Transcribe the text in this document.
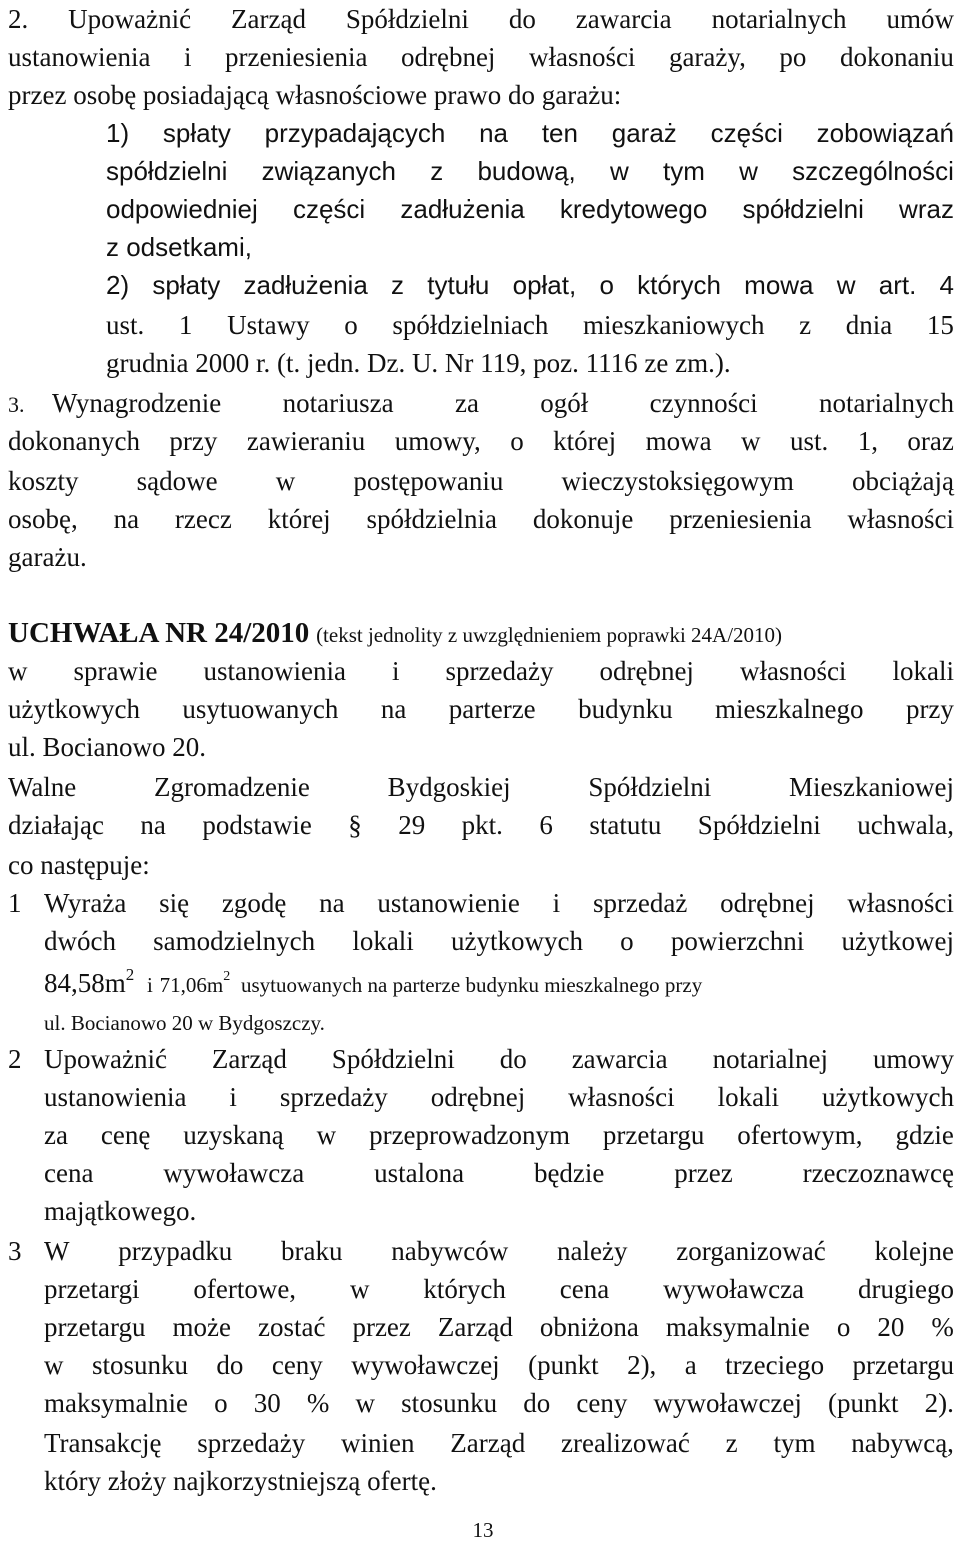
2. Upoważnić Zarząd Spółdzielni do zawarcia notarialnych umów

ustanowienia i przeniesienia odrębnej własności garaży, po dokonaniu

przez osobę posiadającą własnościowe prawo do garażu:

1) spłaty przypadających na ten garaż części zobowiązań

spółdzielni związanych z budową, w tym w szczególności

odpowiedniej części zadłużenia kredytowego spółdzielni wraz

z odsetkami,

2) spłaty zadłużenia z tytułu opłat, o których mowa w art. 4

ust. 1 Ustawy o spółdzielniach mieszkaniowych z dnia 15

grudnia 2000 r. (t. jedn. Dz. U. Nr 119, poz. 1116 ze zm.).

3. Wynagrodzenie notariusza za ogół czynności notarialnych

dokonanych przy zawieraniu umowy, o której mowa w ust. 1, oraz

koszty sądowe w postępowaniu wieczystoksięgowym obciążają

osobę, na rzecz której spółdzielnia dokonuje przeniesienia własności

garażu.

UCHWAŁA NR 24/2010 (tekst jednolity z uwzględnieniem poprawki 24A/2010)

w sprawie ustanowienia i sprzedaży odrębnej własności lokali

użytkowych usytuowanych na parterze budynku mieszkalnego przy

ul. Bocianowo 20.

Walne	Zgromadzenie	Bydgoskiej	Spółdzielni	Mieszkaniowej

działając na podstawie § 29 pkt. 6 statutu Spółdzielni uchwala,

co następuje:

1 Wyraża się zgodę na ustanowienie i sprzedaż odrębnej własności

dwóch samodzielnych lokali użytkowych o powierzchni użytkowej

$84,58m^2$ i $71,06m^2$ usytuowanych na parterze budynku mieszkalnego przy

ul. Bocianowo 20 w Bydgoszczy.

2 Upoważnić Zarząd Spółdzielni do zawarcia notarialnej umowy

ustanowienia i sprzedaży odrębnej własności lokali użytkowych

za cenę uzyskaną w przeprowadzonym przetargu ofertowym, gdzie

cena	wywoławcza	ustalona	będzie	przez	rzeczoznawcę

majątkowego.

3 W przypadku braku nabywców należy zorganizować kolejne

przetargi ofertowe, w których cena wywoławcza drugiego

przetargu może zostać przez Zarząd obniżona maksymalnie o 20 %

w stosunku do ceny wywoławczej (punkt 2), a trzeciego przetargu

maksymalnie o 30 % w stosunku do ceny wywoławczej (punkt 2).

Transakcję sprzedaży winien Zarząd zrealizować z tym nabywcą,

który złoży najkorzystniejszą ofertę.

13
